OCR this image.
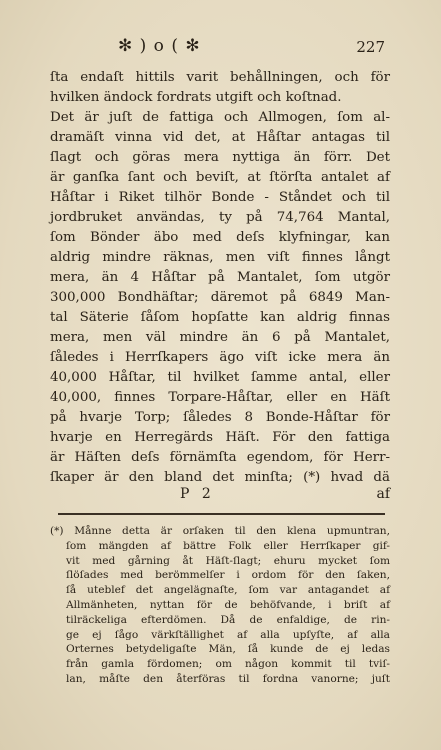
✻ ) o ( ✻	227
ſta endaſt hittils varit behållningen, och för
hvilken ändock fordrats utgift och koſtnad.
Det är juſt de fattiga och Allmogen, ſom al-
dramäſt vinna vid det, at Håſtar antagas til
ſlagt och göras mera nyttiga än förr. Det
är ganſka ſant och beviſt, at ſtörſta antalet af
Håſtar i Riket tilhör Bonde - Ståndet och til
jordbruket användas, ty på 74,764 Mantal,
ſom Bönder äbo med deſs klyfningar, kan
aldrig mindre räknas, men viſt finnes långt
mera, än 4 Håſtar på Mantalet, ſom utgör
300,000 Bondhäſtar; däremot på 6849 Man-
tal Säterie ſåſom hopſatte kan aldrig finnas
mera, men väl mindre än 6 på Mantalet,
ſåledes i Herrſkapers ägo viſt icke mera än
40,000 Håſtar, til hvilket ſamme antal, eller
40,000, finnes Torpare-Håſtar, eller en Häſt
på hvarje Torp; ſåledes 8 Bonde-Håſtar för
hvarje en Herregärds Häſt. För den fattiga
är Häſten deſs förnämſta egendom, för Herr-
ſkaper är den bland det minſta; (*) hvad dä
P 2	af
(*) Månne detta är orſaken til den klena upmuntran,
ſom mängden af bättre Folk eller Herrſkaper gif-
vit med gårning åt Häſt-ſlagt; ehuru mycket ſom
ſlöſades med berömmelſer i ordom för den ſaken,
ſå uteblef det angelägnaſte, ſom var antagandet af
Allmänheten, nyttan för de behöfvande, i briſt af
tilräckeliga efterdömen. Då de enfaldige, de rin-
ge ej ſågo värkſtällighet af alla upſyſte, af alla
Orternes betydeligaſte Män, ſå kunde de ej ledas
från gamla fördomen; om någon kommit til tviſ-
lan, måſte den återföras til fordna vanorne; juſt
